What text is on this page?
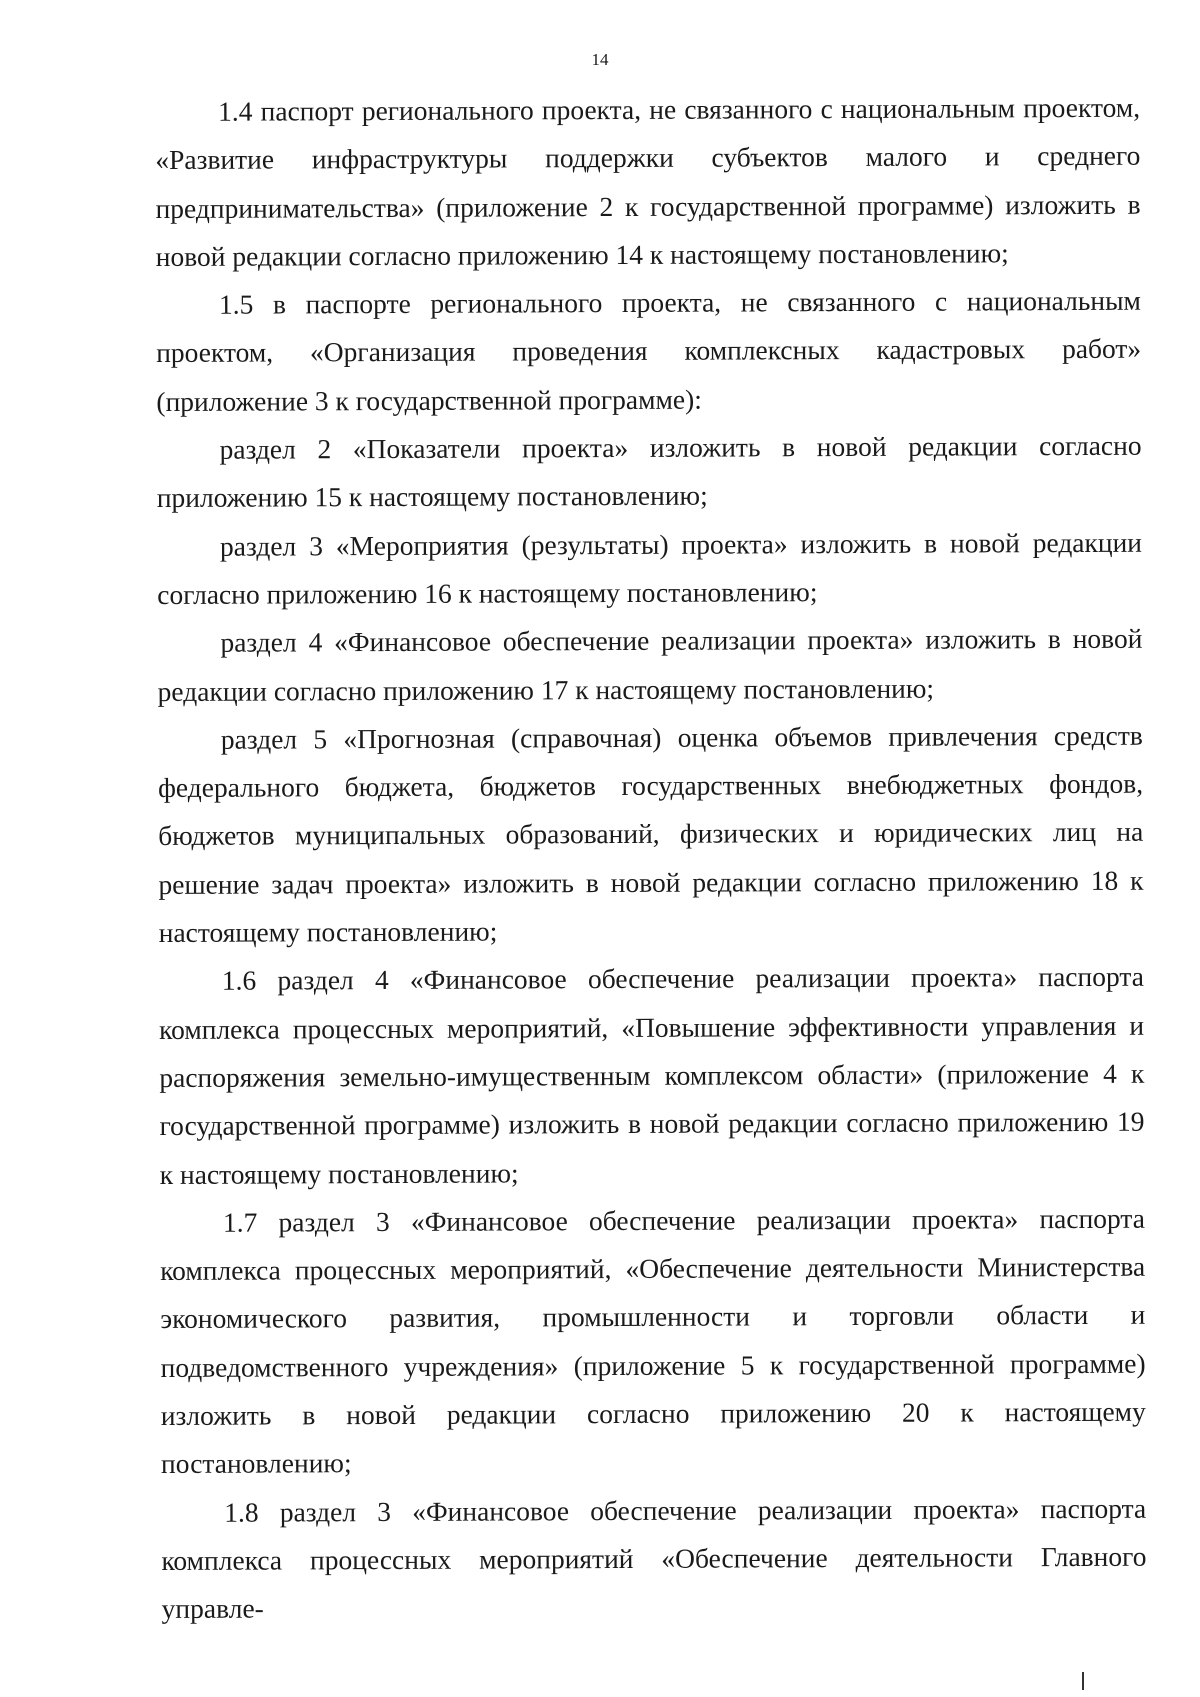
14

1.4 паспорт регионального проекта, не связанного с национальным проектом, «Развитие инфраструктуры поддержки субъектов малого и среднего предпринимательства» (приложение 2 к государственной программе) изложить в новой редакции согласно приложению 14 к настоящему постановлению;

1.5 в паспорте регионального проекта, не связанного с национальным проектом, «Организация проведения комплексных кадастровых работ» (приложение 3 к государственной программе):

раздел 2 «Показатели проекта» изложить в новой редакции согласно приложению 15 к настоящему постановлению;

раздел 3 «Мероприятия (результаты) проекта» изложить в новой редакции согласно приложению 16 к настоящему постановлению;

раздел 4 «Финансовое обеспечение реализации проекта» изложить в новой редакции согласно приложению 17 к настоящему постановлению;

раздел 5 «Прогнозная (справочная) оценка объемов привлечения средств федерального бюджета, бюджетов государственных внебюджетных фондов, бюджетов муниципальных образований, физических и юридических лиц на решение задач проекта» изложить в новой редакции согласно приложению 18 к настоящему постановлению;

1.6 раздел 4 «Финансовое обеспечение реализации проекта» паспорта комплекса процессных мероприятий, «Повышение эффективности управления и распоряжения земельно-имущественным комплексом области» (приложение 4 к государственной программе) изложить в новой редакции согласно приложению 19 к настоящему постановлению;

1.7 раздел 3 «Финансовое обеспечение реализации проекта» паспорта комплекса процессных мероприятий, «Обеспечение деятельности Министерства экономического развития, промышленности и торговли области и подведомственного учреждения» (приложение 5 к государственной программе) изложить в новой редакции согласно приложению 20 к настоящему постановлению;

1.8 раздел 3 «Финансовое обеспечение реализации проекта» паспорта комплекса процессных мероприятий «Обеспечение деятельности Главного управле-
